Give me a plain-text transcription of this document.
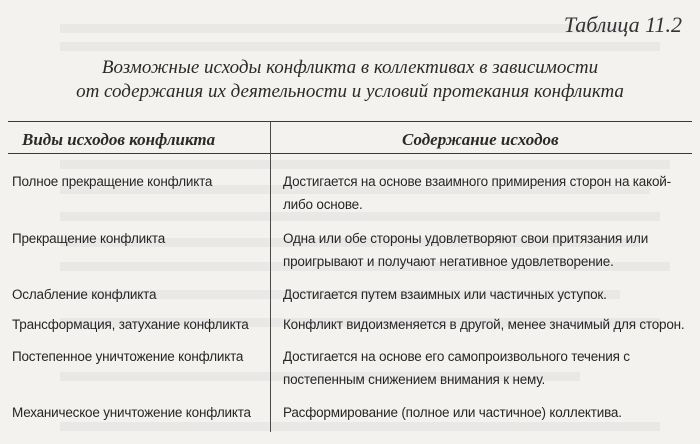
Таблица 11.2
Возможные исходы конфликта в коллективах в зависимости
от содержания их деятельности и условий протекания конфликта
Виды исходов конфликта	Содержание исходов
Полное прекращение конфликта	Достигается на основе взаимного примирения сторон на какой-либо основе.
Прекращение конфликта	Одна или обе стороны удовлетворяют свои притязания или проигрывают и получают негативное удовлетворение.
Ослабление конфликта	Достигается путем взаимных или частичных уступок.
Трансформация, затухание конфликта	Конфликт видоизменяется в другой, менее значимый для сторон.
Постепенное уничтожение конфликта	Достигается на основе его самопроизвольного течения с постепенным снижением внимания к нему.
Механическое уничтожение конфликта	Расформирование (полное или частичное) коллектива.
